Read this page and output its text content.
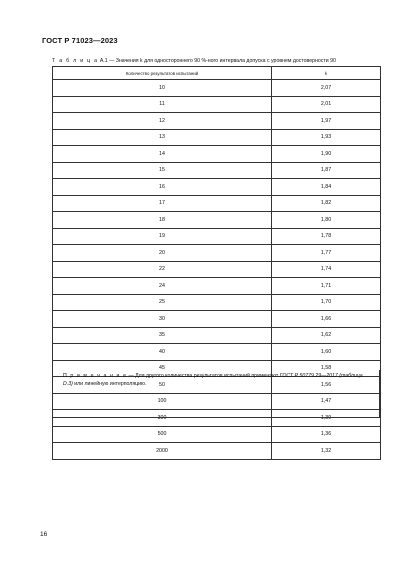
ГОСТ Р 71023—2023
Т а б л и ц а А.1 — Значения k для одностороннего 90 %-ного интервала допуска с уровнем достоверности 90
Количество результатов испытаний	k
10	2,07
11	2,01
12	1,97
13	1,93
14	1,90
15	1,87
16	1,84
17	1,82
18	1,80
19	1,78
20	1,77
22	1,74
24	1,71
25	1,70
30	1,66
35	1,62
40	1,60
45	1,58
50	1,56
100	1,47
300	1,39
500	1,36
2000	1,32
П р и м е ч а н и е — Для другого количества результатов испытаний применяют ГОСТ Р 50779.29—2017 (таблица D.3) или линейную интерполяцию.
16
